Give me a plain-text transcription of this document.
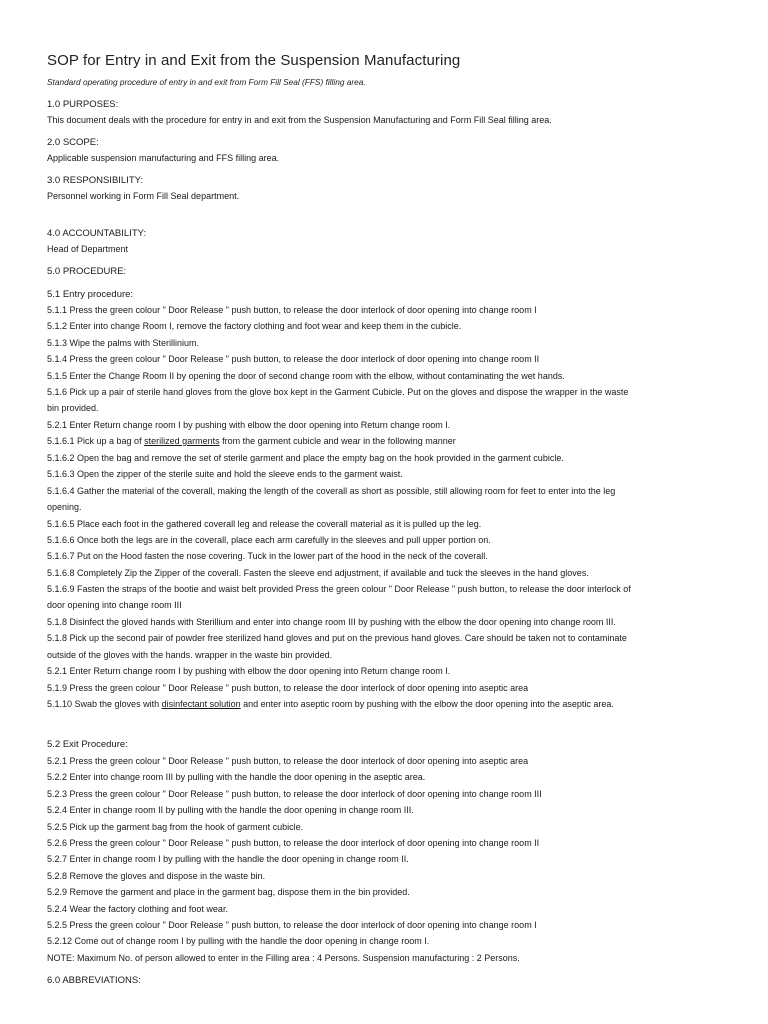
SOP for Entry in and Exit from the Suspension Manufacturing
Standard operating procedure of entry in and exit from Form Fill Seal (FFS) filling area.
1.0 PURPOSES:
This document deals with the procedure for entry in and exit from the Suspension Manufacturing and Form Fill Seal filling area.
2.0 SCOPE:
Applicable suspension manufacturing and FFS filling area.
3.0 RESPONSIBILITY:
Personnel working in Form Fill Seal department.
4.0 ACCOUNTABILITY:
Head of Department
5.0 PROCEDURE:
5.1 Entry procedure:
5.1.1 Press the green colour " Door Release " push button, to release the door interlock of door opening into change room I
5.1.2 Enter into change Room I, remove the factory clothing and foot wear and keep them in the cubicle.
5.1.3 Wipe the palms with Sterillinium.
5.1.4 Press the green colour " Door Release " push button, to release the door interlock of door opening into change room II
5.1.5 Enter the Change Room II by opening the door of second change room with the elbow, without contaminating the wet hands.
5.1.6 Pick up a pair of sterile hand gloves from the glove box kept in the Garment Cubicle. Put on the gloves and dispose the wrapper in the waste
bin provided.
5.2.1 Enter Return change room I by pushing with elbow the door opening into Return change room I.
5.1.6.1 Pick up a bag of sterilized garments from the garment cubicle and wear in the following manner
5.1.6.2 Open the bag and remove the set of sterile garment and place the empty bag on the hook provided in the garment cubicle.
5.1.6.3 Open the zipper of the sterile suite and hold the sleeve ends to the garment waist.
5.1.6.4 Gather the material of the coverall, making the length of the coverall as short as possible, still allowing room for feet to enter into the leg
opening.
5.1.6.5 Place each foot in the gathered coverall leg and release the coverall material as it is pulled up the leg.
5.1.6.6 Once both the legs are in the coverall, place each arm carefully in the sleeves and pull upper portion on.
5.1.6.7 Put on the Hood fasten the nose covering. Tuck in the lower part of the hood in the neck of the coverall.
5.1.6.8 Completely Zip the Zipper of the coverall. Fasten the sleeve end adjustment, if available and tuck the sleeves in the hand gloves.
5.1.6.9 Fasten the straps of the bootie and waist belt provided Press the green colour " Door Release " push button, to release the door interlock of
door opening into change room III
5.1.8 Disinfect the gloved hands with Sterillium and enter into change room III by pushing with the elbow the door opening into change room III.
5.1.8 Pick up the second pair of powder free sterilized hand gloves and put on the previous hand gloves. Care should be taken not to contaminate
outside of the gloves with the hands. wrapper in the waste bin provided.
5.2.1 Enter Return change room I by pushing with elbow the door opening into Return change room I.
5.1.9 Press the green colour " Door Release " push button, to release the door interlock of door opening into aseptic area
5.1.10 Swab the gloves with disinfectant solution and enter into aseptic room by pushing with the elbow the door opening into the aseptic area.
5.2 Exit Procedure:
5.2.1 Press the green colour " Door Release " push button, to release the door interlock of door opening into aseptic area
5.2.2 Enter into change room III by pulling with the handle the door opening in the aseptic area.
5.2.3 Press the green colour " Door Release " push button, to release the door interlock of door opening into change room III
5.2.4 Enter in change room II by pulling with the handle the door opening in change room III.
5.2.5 Pick up the garment bag from the hook of garment cubicle.
5.2.6 Press the green colour " Door Release " push button, to release the door interlock of door opening into change room II
5.2.7 Enter in change room I by pulling with the handle the door opening in change room II.
5.2.8 Remove the gloves and dispose in the waste bin.
5.2.9 Remove the garment and place in the garment bag, dispose them in the bin provided.
5.2.4 Wear the factory clothing and foot wear.
5.2.5 Press the green colour " Door Release " push button, to release the door interlock of door opening into change room I
5.2.12 Come out of change room I by pulling with the handle the door opening in change room I.
NOTE: Maximum No. of person allowed to enter in the Filling area : 4 Persons. Suspension manufacturing : 2 Persons.
6.0 ABBREVIATIONS:
